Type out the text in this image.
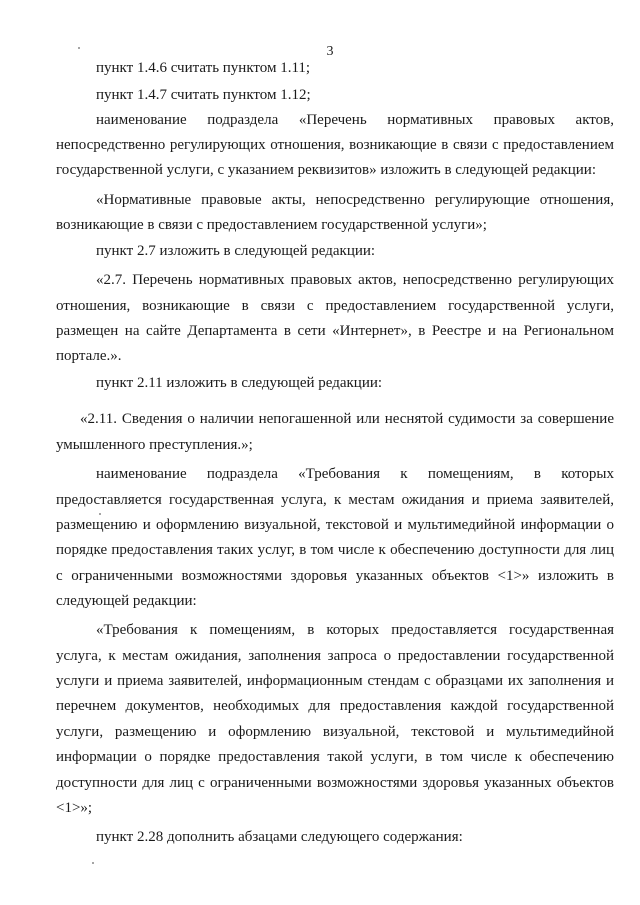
3
пункт 1.4.6 считать пунктом 1.11;
пункт 1.4.7 считать пунктом 1.12;
наименование подраздела «Перечень нормативных правовых актов,
непосредственно регулирующих отношения, возникающие в связи с предоставлением
государственной услуги, с указанием реквизитов» изложить в следующей редакции:
«Нормативные правовые акты, непосредственно регулирующие отношения,
возникающие в связи с предоставлением государственной услуги»;
пункт 2.7 изложить в следующей редакции:
«2.7. Перечень нормативных правовых актов, непосредственно регулирующих
отношения, возникающие в связи с предоставлением государственной услуги,
размещен на сайте Департамента в сети «Интернет», в Реестре и на Региональном
портале.».
пункт 2.11 изложить в следующей редакции:
«2.11. Сведения о наличии непогашенной или неснятой судимости за совершение
умышленного преступления.»;
наименование подраздела «Требования к помещениям, в которых
предоставляется государственная услуга, к местам ожидания и приема заявителей,
размещению и оформлению визуальной, текстовой и мультимедийной информации о
порядке предоставления таких услуг, в том числе к обеспечению доступности для лиц
с ограниченными возможностями здоровья указанных объектов <1>» изложить в
следующей редакции:
«Требования к помещениям, в которых предоставляется государственная
услуга, к местам ожидания, заполнения запроса о предоставлении государственной
услуги и приема заявителей, информационным стендам с образцами их заполнения и
перечнем документов, необходимых для предоставления каждой государственной
услуги, размещению и оформлению визуальной, текстовой и мультимедийной
информации о порядке предоставления такой услуги, в том числе к обеспечению
доступности для лиц с ограниченными возможностями здоровья указанных объектов
<1>»;
пункт 2.28 дополнить абзацами следующего содержания:
